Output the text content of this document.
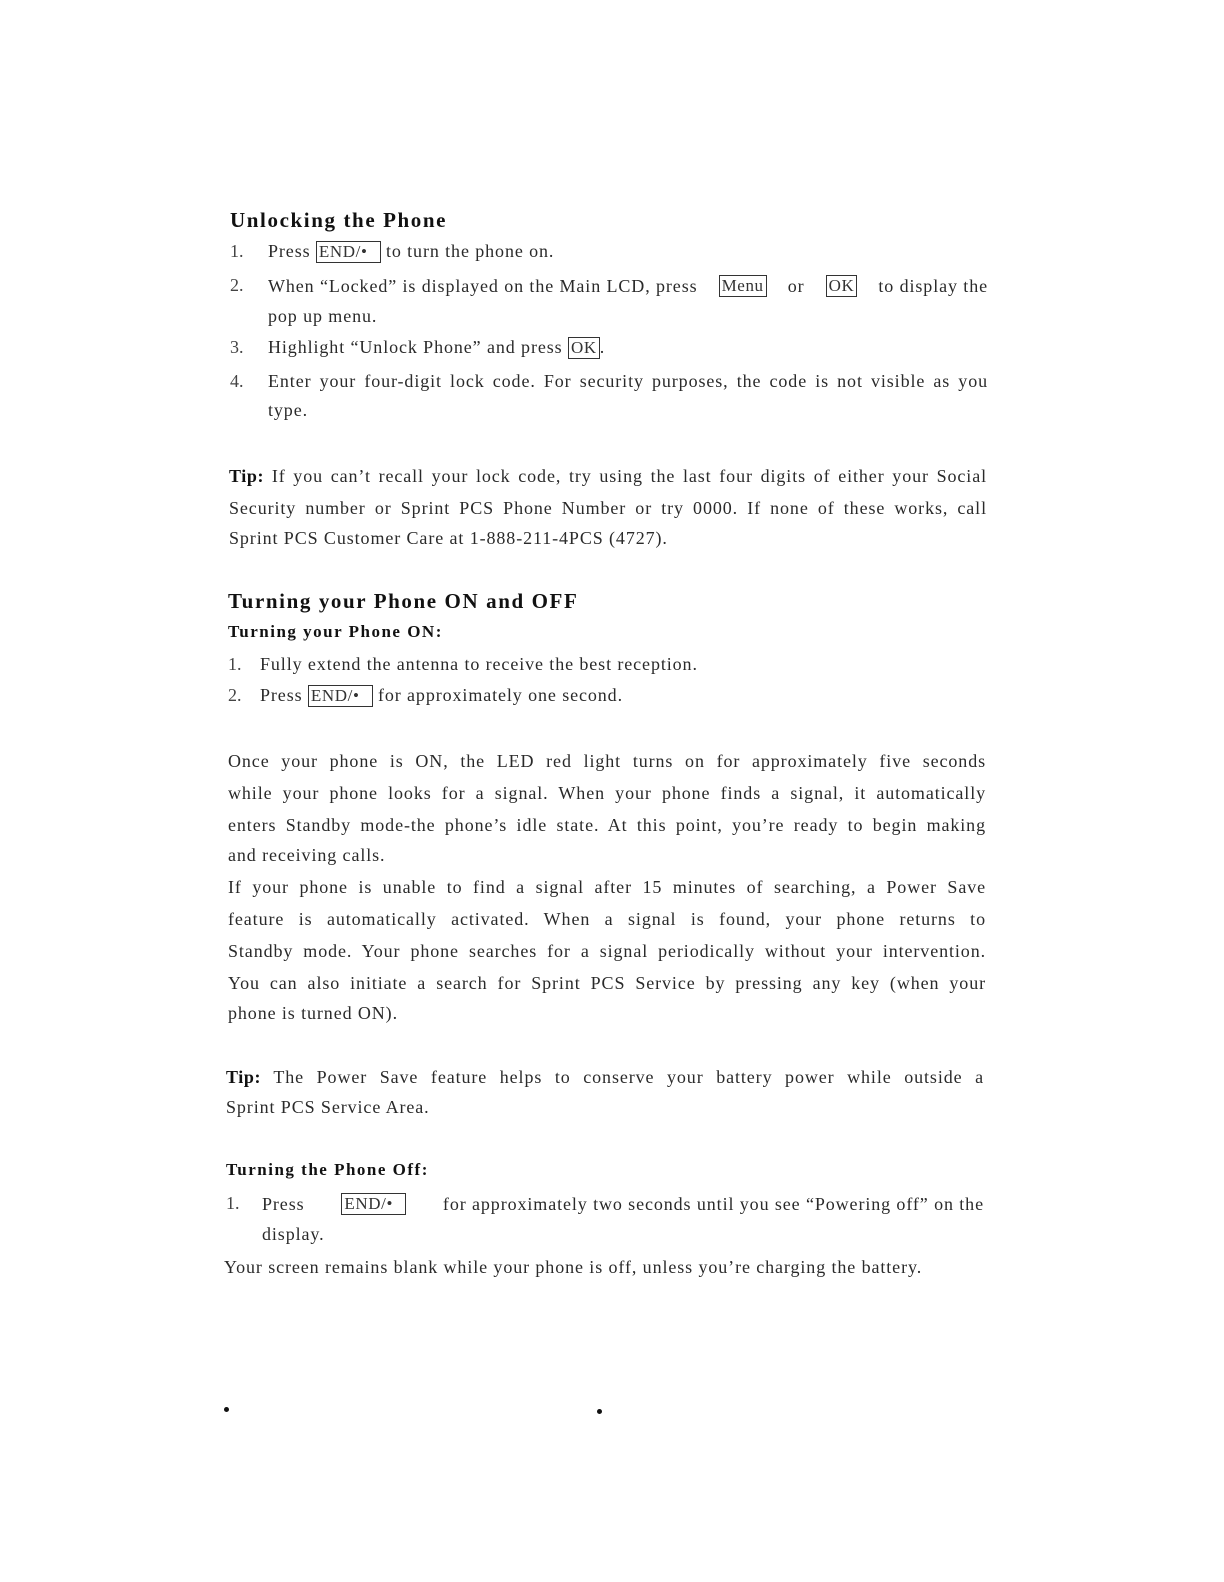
Unlocking the Phone
1. Press END/• to turn the phone on.
2. When “Locked” is displayed on the Main LCD, press Menu or OK to display the
pop up menu.
3. Highlight “Unlock Phone” and press OK .
4. Enter your four-digit lock code. For security purposes, the code is not visible as you
type.
Tip: If you can’t recall your lock code, try using the last four digits of either your Social
Security number or Sprint PCS Phone Number or try 0000. If none of these works, call
Sprint PCS Customer Care at 1-888-211-4PCS (4727).
Turning your Phone ON and OFF
Turning your Phone ON:
1. Fully extend the antenna to receive the best reception.
2. Press END/• for approximately one second.
Once your phone is ON, the LED red light turns on for approximately five seconds
while your phone looks for a signal. When your phone finds a signal, it automatically
enters Standby mode-the phone’s idle state. At this point, you’re ready to begin making
and receiving calls.
If your phone is unable to find a signal after 15 minutes of searching, a Power Save
feature is automatically activated. When a signal is found, your phone returns to
Standby mode. Your phone searches for a signal periodically without your intervention.
You can also initiate a search for Sprint PCS Service by pressing any key (when your
phone is turned ON).
Tip: The Power Save feature helps to conserve your battery power while outside a
Sprint PCS Service Area.
Turning the Phone Off:
1. Press END/•	for approximately two seconds until you see “Powering off” on the
display.
Your screen remains blank while your phone is off, unless you’re charging the battery.
